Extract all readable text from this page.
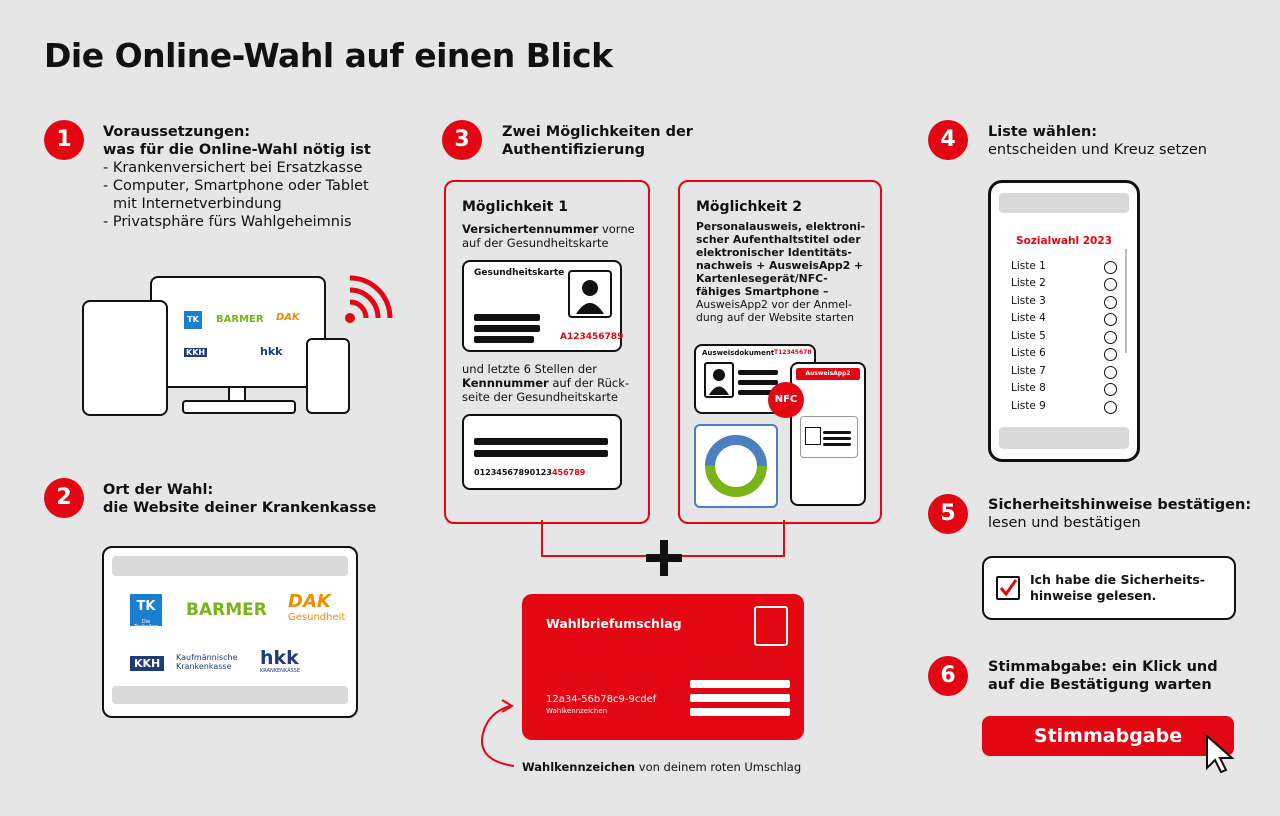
Die Online-Wahl auf einen Blick
1	Voraussetzungen:
was für die Online-Wahl nötig ist
- Krankenversichert bei Ersatzkasse
- Computer, Smartphone oder Tablet
mit Internetverbindung
- Privatsphäre fürs Wahlgeheimnis
TK	BARMER DAK
KKH	hkk
2	Ort der Wahl:
die Website deiner Krankenkasse
TK
Die Techniker
BARMER DAK
Gesundheit
KKH	Kaufmännische
Krankenkasse	hkk
KRANKENKASSE
3	Zwei Möglichkeiten der
Authentifizierung
Möglichkeit 1
Versichertennummer vorne
auf der Gesundheitskarte
Gesundheitskarte
A123456789
und letzte 6 Stellen der
Kennnummer auf der Rück-
seite der Gesundheitskarte
01234567890123456789
Möglichkeit 2
Personalausweis, elektroni-
scher Aufenthaltstitel oder
elektronischer Identitäts-
nachweis + AusweisApp2 +
Kartenlesegerät/NFC-
fähiges Smartphone –
AusweisApp2 vor der Anmel-
dung auf der Website starten
Ausweisdokument T12345678
NFC
AusweisApp2
Wahlbriefumschlag
12a34-56b78c9-9cdef
Wahlkennzeichen
Wahlkennzeichen von deinem roten Umschlag
4	Liste wählen:
entscheiden und Kreuz setzen
Sozialwahl 2023
Liste 1
Liste 2
Liste 3
Liste 4
Liste 5
Liste 6
Liste 7
Liste 8
Liste 9
5	Sicherheitshinweise bestätigen:
lesen und bestätigen
Ich habe die Sicherheits-
hinweise gelesen.
6	Stimmabgabe: ein Klick und
auf die Bestätigung warten
Stimmabgabe
